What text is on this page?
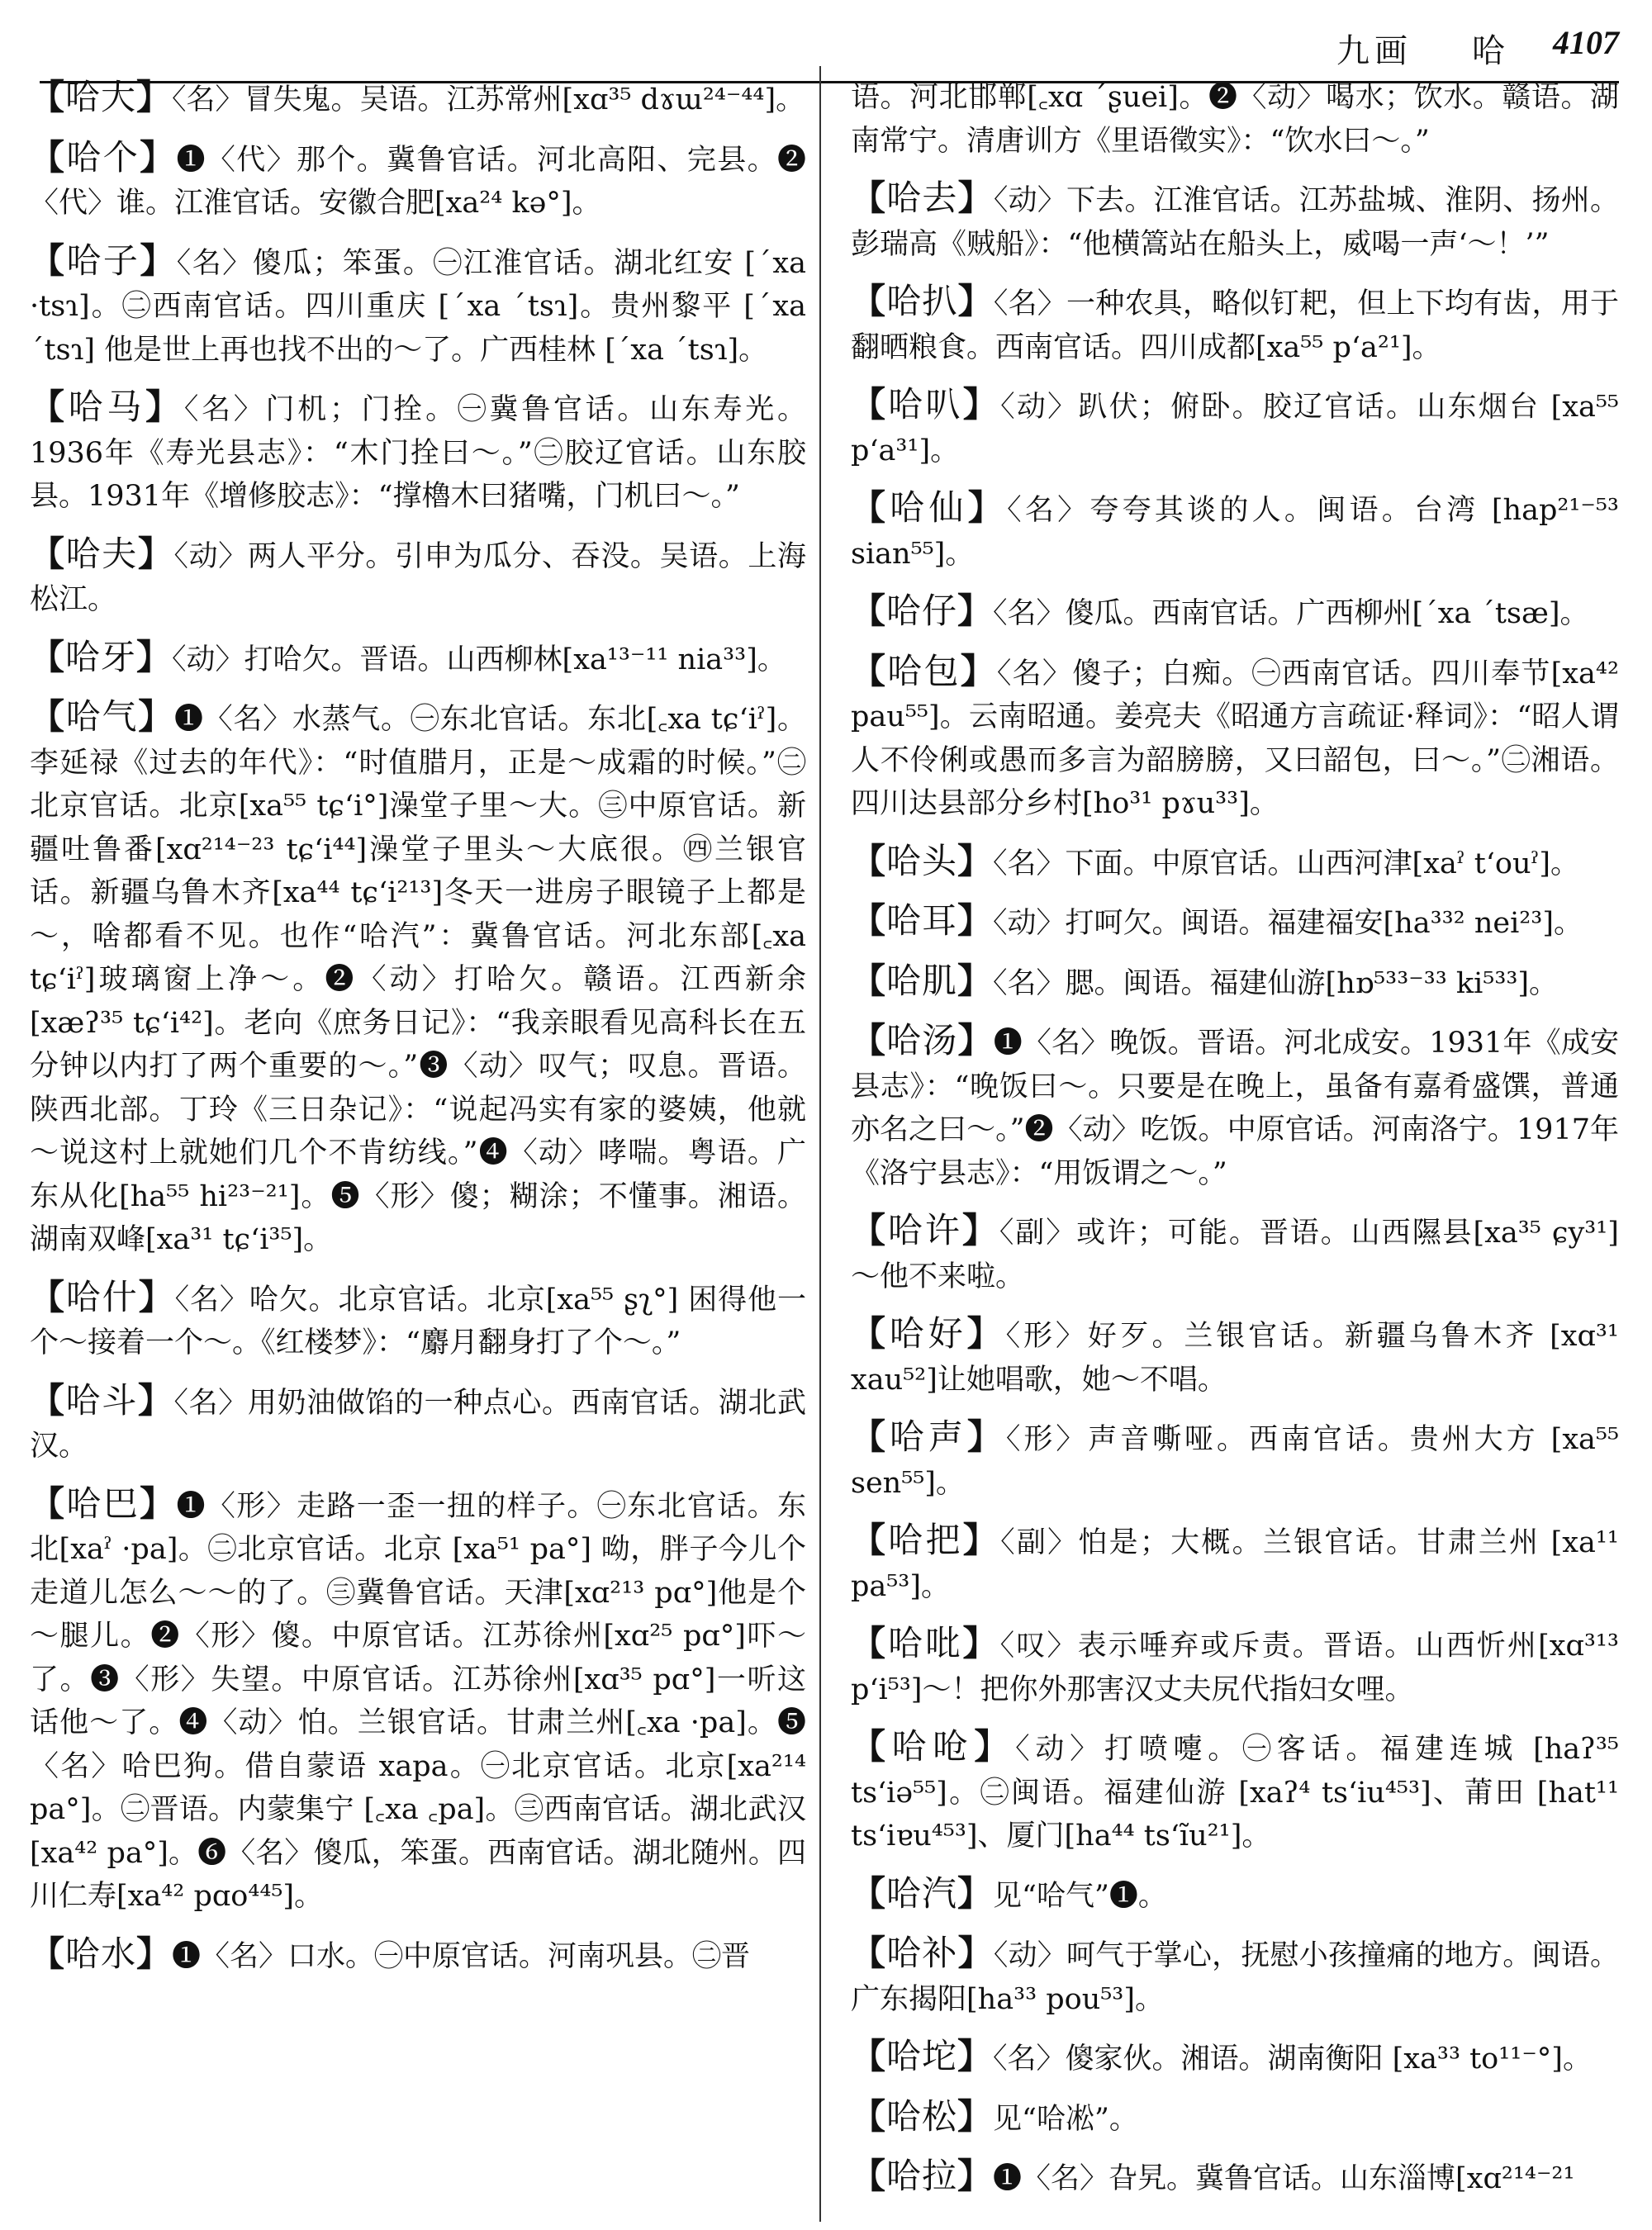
九画 哈 4107

【哈大】〈名〉冒失鬼。吴语。江苏常州[xɑ³⁵ dɤɯ²⁴⁻⁴⁴]。

【哈个】❶〈代〉那个。冀鲁官话。河北高阳、完县。❷〈代〉谁。江淮官话。安徽合肥[xa²⁴ kə°]。

【哈子】〈名〉傻瓜；笨蛋。㊀江淮官话。湖北红安 [ˊxa ·tsɿ]。㊁西南官话。四川重庆 [ˊxa ˊtsɿ]。贵州黎平 [ˊxa ˊtsɿ] 他是世上再也找不出的～了。广西桂林 [ˊxa ˊtsɿ]。

【哈马】〈名〉门机；门拴。㊀冀鲁官话。山东寿光。1936年《寿光县志》：“木门拴曰～。”㊁胶辽官话。山东胶县。1931年《增修胶志》：“撑櫓木曰猪嘴，门机曰～。”

【哈夫】〈动〉两人平分。引申为瓜分、吞没。吴语。上海松江。

【哈牙】〈动〉打哈欠。晋语。山西柳林[xa¹³⁻¹¹ nia³³]。

【哈气】❶〈名〉水蒸气。㊀东北官话。东北[꜀xa tɕʻiˀ]。李延禄《过去的年代》：“时值腊月，正是～成霜的时候。”㊁北京官话。北京[xa⁵⁵ tɕʻi°]澡堂子里～大。㊂中原官话。新疆吐鲁番[xɑ²¹⁴⁻²³ tɕʻi⁴⁴]澡堂子里头～大底很。㊃兰银官话。新疆乌鲁木齐[xa⁴⁴ tɕʻi²¹³]冬天一进房子眼镜子上都是～，啥都看不见。也作“哈汽”：冀鲁官话。河北东部[꜀xa tɕʻiˀ]玻璃窗上净～。❷〈动〉打哈欠。赣语。江西新余[xæʔ³⁵ tɕʻi⁴²]。老向《庶务日记》：“我亲眼看见高科长在五分钟以内打了两个重要的～。”❸〈动〉叹气；叹息。晋语。陕西北部。丁玲《三日杂记》：“说起冯实有家的婆姨，他就～说这村上就她们几个不肯纺线。”❹〈动〉哮喘。粤语。广东从化[ha⁵⁵ hi²³⁻²¹]。❺〈形〉傻；糊涂；不懂事。湘语。湖南双峰[xa³¹ tɕʻi³⁵]。

【哈什】〈名〉哈欠。北京官话。北京[xa⁵⁵ ʂʅ°] 困得他一个～接着一个～。《红楼梦》：“麝月翻身打了个～。”

【哈斗】〈名〉用奶油做馅的一种点心。西南官话。湖北武汉。

【哈巴】❶〈形〉走路一歪一扭的样子。㊀东北官话。东北[xaˀ ·pa]。㊁北京官话。北京 [xa⁵¹ pa°] 呦，胖子今儿个走道儿怎么～～的了。㊂冀鲁官话。天津[xɑ²¹³ pɑ°]他是个～腿儿。❷〈形〉傻。中原官话。江苏徐州[xɑ²⁵ pɑ°]吓～了。❸〈形〉失望。中原官话。江苏徐州[xɑ³⁵ pɑ°]一听这话他～了。❹〈动〉怕。兰银官话。甘肃兰州[꜀xa ·pa]。❺〈名〉哈巴狗。借自蒙语 xapa。㊀北京官话。北京[xa²¹⁴ pa°]。㊁晋语。内蒙集宁 [꜀xa ꜀pa]。㊂西南官话。湖北武汉[xa⁴² pa°]。❻〈名〉傻瓜，笨蛋。西南官话。湖北随州。四川仁寿[xa⁴² pɑo⁴⁴⁵]。

【哈水】❶〈名〉口水。㊀中原官话。河南巩县。㊁晋

语。河北邯郸[꜀xɑ ˊʂuei]。❷〈动〉喝水；饮水。赣语。湖南常宁。清唐训方《里语徵实》：“饮水曰～。”

【哈去】〈动〉下去。江淮官话。江苏盐城、淮阴、扬州。彭瑞高《贼船》：“他横篙站在船头上，威喝一声‘～！’”

【哈扒】〈名〉一种农具，略似钉耙，但上下均有齿，用于翻晒粮食。西南官话。四川成都[xa⁵⁵ pʻa²¹]。

【哈叭】〈动〉趴伏；俯卧。胶辽官话。山东烟台 [xa⁵⁵ pʻa³¹]。

【哈仙】〈名〉夸夸其谈的人。闽语。台湾 [hap²¹⁻⁵³ sian⁵⁵]。

【哈仔】〈名〉傻瓜。西南官话。广西柳州[ˊxa ˊtsæ]。

【哈包】〈名〉傻子；白痴。㊀西南官话。四川奉节[xa⁴² pau⁵⁵]。云南昭通。姜亮夫《昭通方言疏证·释词》：“昭人谓人不伶俐或愚而多言为韶膀膀，又曰韶包，曰～。”㊁湘语。四川达县部分乡村[ho³¹ pɤu³³]。

【哈头】〈名〉下面。中原官话。山西河津[xaˀ tʻouˀ]。

【哈耳】〈动〉打呵欠。闽语。福建福安[ha³³² nei²³]。

【哈肌】〈名〉腮。闽语。福建仙游[hɒ⁵³³⁻³³ ki⁵³³]。

【哈汤】❶〈名〉晚饭。晋语。河北成安。1931年《成安县志》：“晚饭曰～。只要是在晚上，虽备有嘉肴盛馔，普通亦名之曰～。”❷〈动〉吃饭。中原官话。河南洛宁。1917年《洛宁县志》：“用饭谓之～。”

【哈许】〈副〉或许；可能。晋语。山西隰县[xa³⁵ ɕy³¹] ～他不来啦。

【哈好】〈形〉好歹。兰银官话。新疆乌鲁木齐 [xɑ³¹ xau⁵²]让她唱歌，她～不唱。

【哈声】〈形〉声音嘶哑。西南官话。贵州大方 [xa⁵⁵ sen⁵⁵]。

【哈把】〈副〉怕是；大概。兰银官话。甘肃兰州 [xa¹¹ pa⁵³]。

【哈吡】〈叹〉表示唾弃或斥责。晋语。山西忻州[xɑ³¹³ pʻi⁵³]～！把你外那害汉丈夫尻代指妇女哩。

【哈呛】〈动〉打喷嚏。㊀客话。福建连城 [haʔ³⁵ tsʻiə⁵⁵]。㊁闽语。福建仙游 [xaʔ⁴ tsʻiu⁴⁵³]、莆田 [hat¹¹ tsʻiɐu⁴⁵³]、厦门[ha⁴⁴ tsʻĩu²¹]。

【哈汽】见“哈气”❶。

【哈补】〈动〉呵气于掌心，抚慰小孩撞痛的地方。闽语。广东揭阳[ha³³ pou⁵³]。

【哈坨】〈名〉傻家伙。湘语。湖南衡阳 [xa³³ to¹¹⁻°]。

【哈松】见“哈凇”。

【哈拉】❶〈名〉旮旯。冀鲁官话。山东淄博[xɑ²¹⁴⁻²¹
